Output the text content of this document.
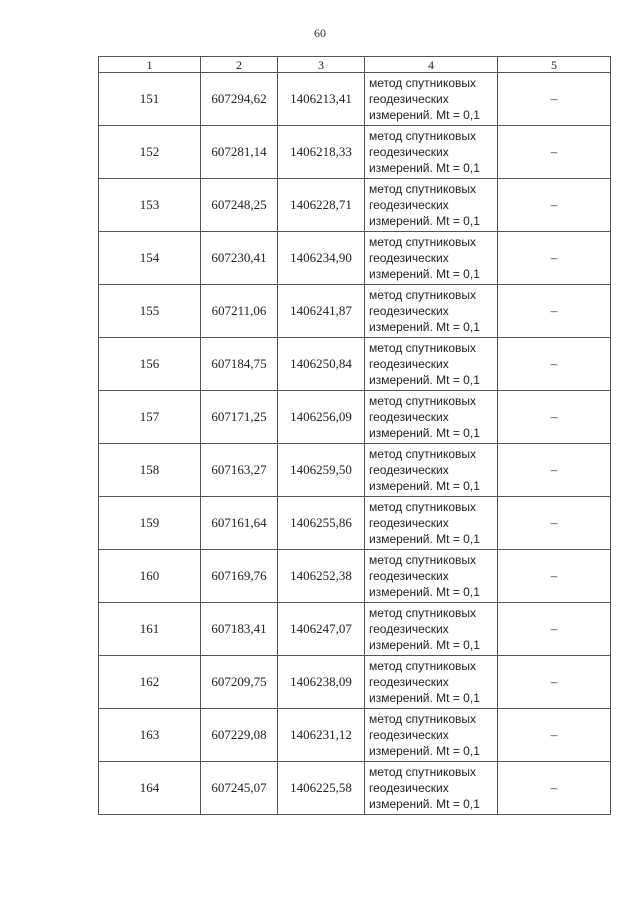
60
1	2	3	4	5
151	607294,62	1406213,41	метод спутниковых
геодезических
измерений. Mt = 0,1	–
152	607281,14	1406218,33	метод спутниковых
геодезических
измерений. Mt = 0,1	–
153	607248,25	1406228,71	метод спутниковых
геодезических
измерений. Mt = 0,1	–
154	607230,41	1406234,90	метод спутниковых
геодезических
измерений. Mt = 0,1	–
155	607211,06	1406241,87	метод спутниковых
геодезических
измерений. Mt = 0,1	–
156	607184,75	1406250,84	метод спутниковых
геодезических
измерений. Mt = 0,1	–
157	607171,25	1406256,09	метод спутниковых
геодезических
измерений. Mt = 0,1	–
158	607163,27	1406259,50	метод спутниковых
геодезических
измерений. Mt = 0,1	–
159	607161,64	1406255,86	метод спутниковых
геодезических
измерений. Mt = 0,1	–
160	607169,76	1406252,38	метод спутниковых
геодезических
измерений. Mt = 0,1	–
161	607183,41	1406247,07	метод спутниковых
геодезических
измерений. Mt = 0,1	–
162	607209,75	1406238,09	метод спутниковых
геодезических
измерений. Mt = 0,1	–
163	607229,08	1406231,12	метод спутниковых
геодезических
измерений. Mt = 0,1	–
164	607245,07	1406225,58	метод спутниковых
геодезических
измерений. Mt = 0,1	–
